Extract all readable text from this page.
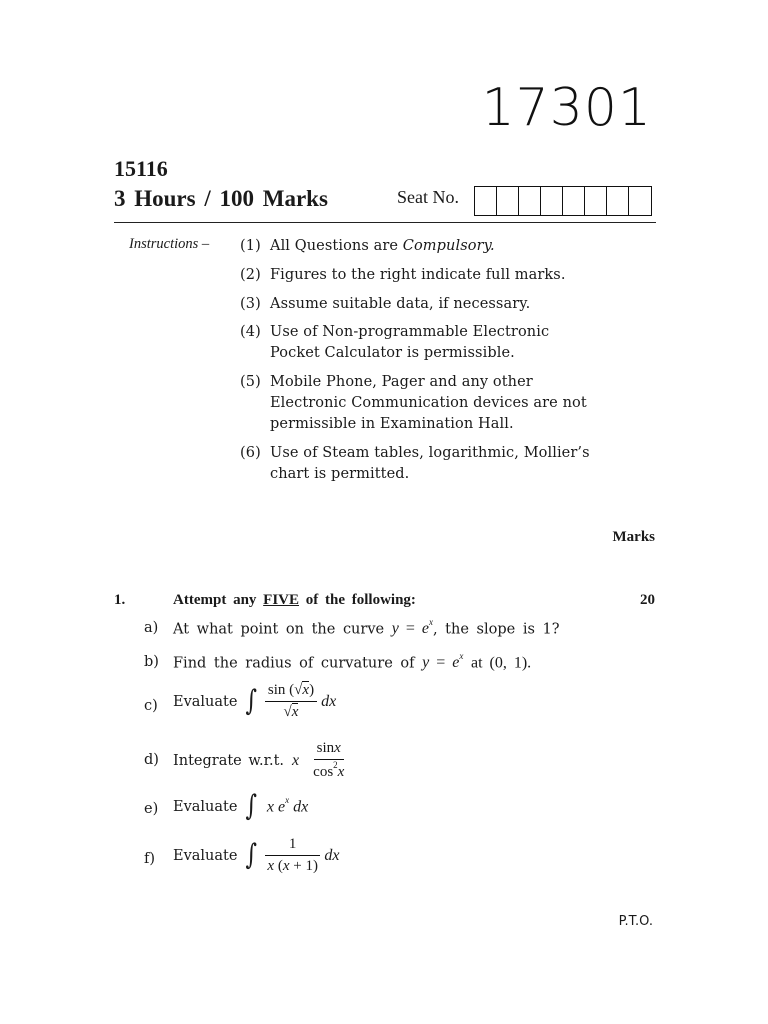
17301
15116
3 Hours / 100 Marks	Seat No.
Instructions – (1) All Questions are Compulsory.
(2) Figures to the right indicate full marks.
(3) Assume suitable data, if necessary.
(4) Use of Non-programmable Electronic Pocket Calculator is permissible.
(5) Mobile Phone, Pager and any other Electronic Communication devices are not permissible in Examination Hall.
(6) Use of Steam tables, logarithmic, Mollier’s chart is permitted.
Marks
1.	Attempt any FIVE of the following:	20
a) At what point on the curve $y = e^x$, the slope is 1?
b) Find the radius of curvature of $y = e^x$ at (0, 1).
c) Evaluate ∫ $\frac{\sin (√x)}{√x}$ dx
d) Integrate w.r.t. x $\frac{\sin x}{\cos^2x}$
e) Evaluate ∫ x $e^x$ dx
f) Evaluate ∫ $\frac{1}{x (x + 1)}$ dx
P.T.O.
